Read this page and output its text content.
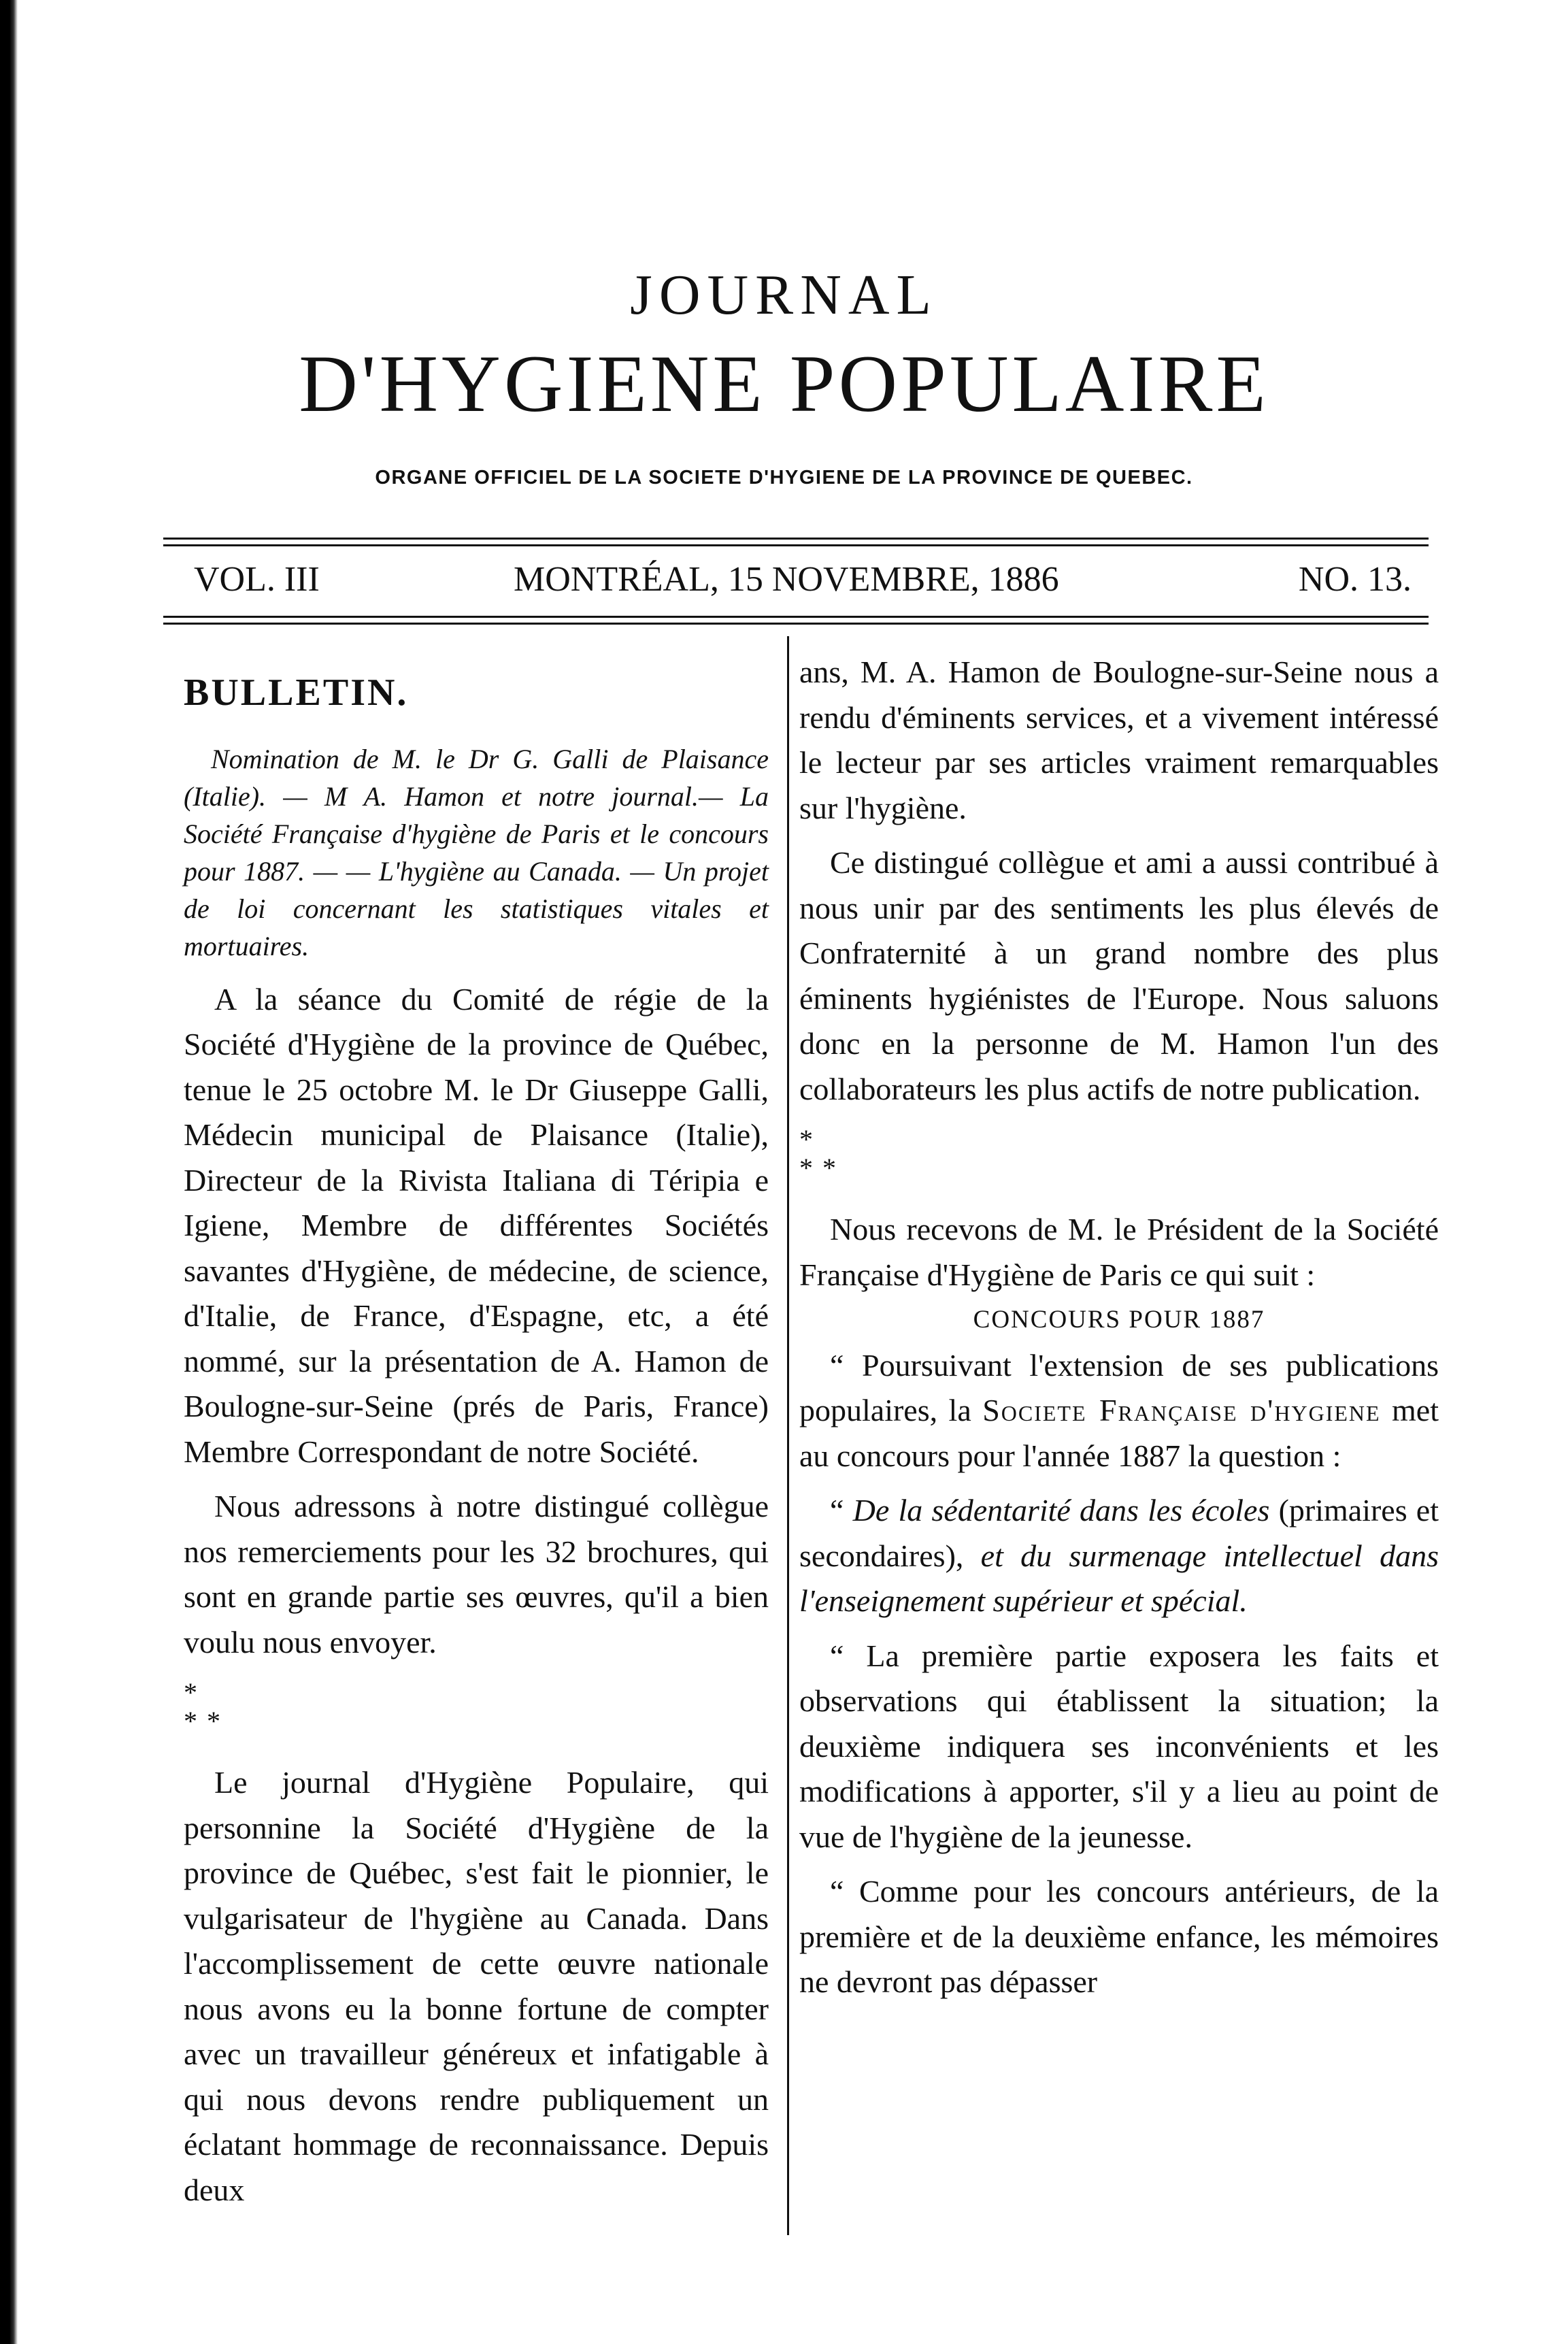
JOURNAL
D'HYGIENE POPULAIRE
ORGANE OFFICIEL DE LA SOCIETE D'HYGIENE DE LA PROVINCE DE QUEBEC.
VOL. III	MONTRÉAL, 15 NOVEMBRE, 1886	NO. 13.

BULLETIN.

Nomination de M. le Dr G. Galli de Plaisance (Italie). — M A. Hamon et notre journal.— La Société Française d'hygiène de Paris et le concours pour 1887. — — L'hygiène au Canada. — Un projet de loi concernant les statistiques vitales et mortuaires.

A la séance du Comité de régie de la Société d'Hygiène de la province de Québec, tenue le 25 octobre M. le Dr Giuseppe Galli, Médecin municipal de Plaisance (Italie), Directeur de la Rivista Italiana di Téripia e Igiene, Membre de différentes Sociétés savantes d'Hygiène, de médecine, de science, d'Italie, de France, d'Espagne, etc, a été nommé, sur la présentation de A. Hamon de Boulogne-sur-Seine (prés de Paris, France) Membre Correspondant de notre Société.

Nous adressons à notre distingué collègue nos remerciements pour les 32 brochures, qui sont en grande partie ses œuvres, qu'il a bien voulu nous envoyer.

*
**

Le journal d'Hygiène Populaire, qui personnine la Société d'Hygiène de la province de Québec, s'est fait le pionnier, le vulgarisateur de l'hygiène au Canada. Dans l'accomplissement de cette œuvre nationale nous avons eu la bonne fortune de compter avec un travailleur généreux et infatigable à qui nous devons rendre publiquement un éclatant hommage de reconnaissance. Depuis deux

ans, M. A. Hamon de Boulogne-sur-Seine nous a rendu d'éminents services, et a vivement intéressé le lecteur par ses articles vraiment remarquables sur l'hygiène.

Ce distingué collègue et ami a aussi contribué à nous unir par des sentiments les plus élevés de Confraternité à un grand nombre des plus éminents hygiénistes de l'Europe. Nous saluons donc en la personne de M. Hamon l'un des collaborateurs les plus actifs de notre publication.

*
**

Nous recevons de M. le Président de la Société Française d'Hygiène de Paris ce qui suit :

CONCOURS POUR 1887

“ Poursuivant l'extension de ses publications populaires, la Societe Française d'hygiene met au concours pour l'année 1887 la question :

“ De la sédentarité dans les écoles (primaires et secondaires), et du surmenage intellectuel dans l'enseignement supérieur et spécial.

“ La première partie exposera les faits et observations qui établissent la situation; la deuxième indiquera ses inconvénients et les modifications à apporter, s'il y a lieu au point de vue de l'hygiène de la jeunesse.

“ Comme pour les concours antérieurs, de la première et de la deuxième enfance, les mémoires ne devront pas dépasser
